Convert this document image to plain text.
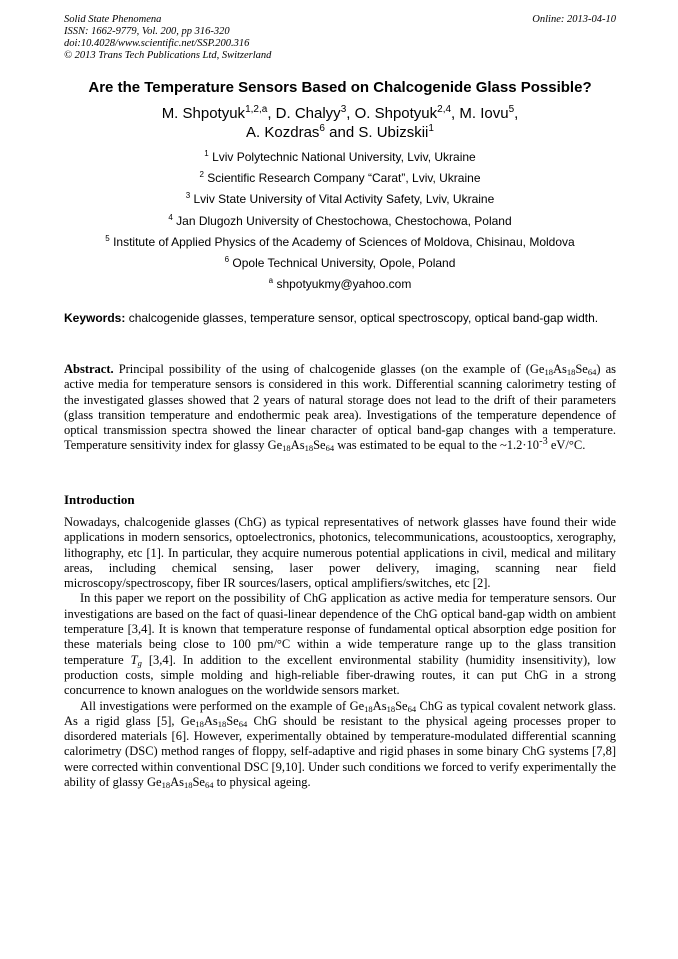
Solid State Phenomena
ISSN: 1662-9779, Vol. 200, pp 316-320
doi:10.4028/www.scientific.net/SSP.200.316
© 2013 Trans Tech Publications Ltd, Switzerland
Online: 2013-04-10
Are the Temperature Sensors Based on Chalcogenide Glass Possible?
M. Shpotyuk$^{1,2,a}$, D. Chalyy$^3$, O. Shpotyuk$^{2,4}$, M. Iovu$^5$,
A. Kozdras$^6$ and S. Ubizskii$^1$
$^1$ Lviv Polytechnic National University, Lviv, Ukraine
$^2$ Scientific Research Company “Carat”, Lviv, Ukraine
$^3$ Lviv State University of Vital Activity Safety, Lviv, Ukraine
$^4$ Jan Dlugozh University of Chestochowa, Chestochowa, Poland
$^5$ Institute of Applied Physics of the Academy of Sciences of Moldova, Chisinau, Moldova
$^6$ Opole Technical University, Opole, Poland
$^a$ shpotyukmy@yahoo.com
Keywords: chalcogenide glasses, temperature sensor, optical spectroscopy, optical band-gap width.
Abstract. Principal possibility of the using of chalcogenide glasses (on the example of $(Ge_{18}As_{18}Se_{64})$ as active media for temperature sensors is considered in this work. Differential scanning calorimetry testing of the investigated glasses showed that 2 years of natural storage does not lead to the drift of their parameters (glass transition temperature and endothermic peak area). Investigations of the temperature dependence of optical transmission spectra showed the linear character of optical band-gap changes with a temperature. Temperature sensitivity index for glassy $Ge_{18}As_{18}Se_{64}$ was estimated to be equal to the $\sim 1.2\cdot 10^{-3}$ eV/°C.
Introduction

Nowadays, chalcogenide glasses (ChG) as typical representatives of network glasses have found their wide applications in modern sensorics, optoelectronics, photonics, telecommunications, acoustooptics, xerography, lithography, etc [1]. In particular, they acquire numerous potential applications in civil, medical and military areas, including chemical sensing, laser power delivery, imaging, scanning near field microscopy/spectroscopy, fiber IR sources/lasers, optical amplifiers/switches, etc [2].

In this paper we report on the possibility of ChG application as active media for temperature sensors. Our investigations are based on the fact of quasi-linear dependence of the ChG optical band-gap width on ambient temperature [3,4]. It is known that temperature response of fundamental optical absorption edge position for these materials being close to 100 pm/°C within a wide temperature range up to the glass transition temperature $T_g$ [3,4]. In addition to the excellent environmental stability (humidity insensitivity), low production costs, simple molding and high-reliable fiber-drawing routes, it can put ChG in a strong concurrence to known analogues on the worldwide sensors market.

All investigations were performed on the example of $Ge_{18}As_{18}Se_{64}$ ChG as typical covalent network glass. As a rigid glass [5], $Ge_{18}As_{18}Se_{64}$ ChG should be resistant to the physical ageing processes proper to disordered materials [6]. However, experimentally obtained by temperature-modulated differential scanning calorimetry (DSC) method ranges of floppy, self-adaptive and rigid phases in some binary ChG systems [7,8] were corrected within conventional DSC [9,10]. Under such conditions we forced to verify experimentally the ability of glassy $Ge_{18}As_{18}Se_{64}$ to physical ageing.
